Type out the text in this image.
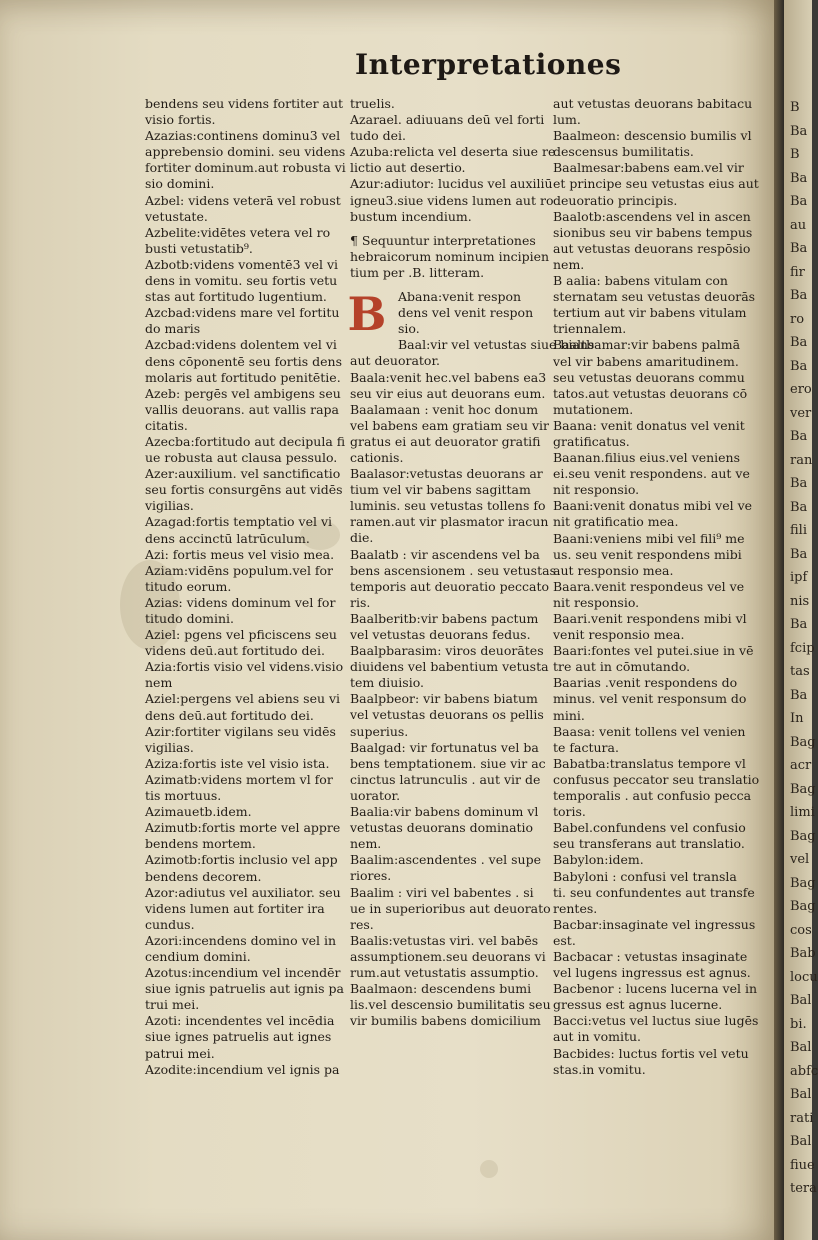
Interpretationes

bendens seu videns fortiter aut

visio fortis.

Azazias:continens dominu3 vel

apprebensio domini. seu videns

fortiter dominum.aut robusta vi

sio domini.

Azbel: videns veterā vel robust

vetustate.

Azbelite:vidētes vetera vel ro

busti vetustatib⁹.

Azbotb:videns vomentē3 vel vi

dens in vomitu. seu fortis vetu

stas aut fortitudo lugentium.

Azcbad:videns mare vel fortitu

do maris

Azcbad:videns dolentem vel vi

dens cōponentē seu fortis dens

molaris aut fortitudo penitētie.

Azeb: pergēs vel ambigens seu

vallis deuorans. aut vallis rapa

citatis.

Azecba:fortitudo aut decipula fi

ue robusta aut clausa pessulo.

Azer:auxilium. vel sanctificatio

seu fortis consurgēns aut vidēs

vigilias.

Azagad:fortis temptatio vel vi

dens accinctū latrūculum.

Azi: fortis meus vel visio mea.

Aziam:vidēns populum.vel for

titudo eorum.

Azias: videns dominum vel for

titudo domini.

Aziel: pgens vel pficiscens seu

videns deū.aut fortitudo dei.

Azia:fortis visio vel videns.visio

nem

Aziel:pergens vel abiens seu vi

dens deū.aut fortitudo dei.

Azir:fortiter vigilans seu vidēs

vigilias.

Aziza:fortis iste vel visio ista.

Azimatb:videns mortem vl for

tis mortuus.

Azimauetb.idem.

Azimutb:fortis morte vel appre

bendens mortem.

Azimotb:fortis inclusio vel app

bendens decorem.

Azor:adiutus vel auxiliator. seu

videns lumen aut fortiter ira

cundus.

Azori:incendens domino vel in

cendium domini.

Azotus:incendium vel incendēr

siue ignis patruelis aut ignis pa

trui mei.

Azoti: incendentes vel incēdia

siue ignes patruelis aut ignes

patrui mei.

Azodite:incendium vel ignis pa

truelis.

Azarael. adiuuans deū vel forti

tudo dei.

Azuba:relicta vel deserta siue re

lictio aut desertio.

Azur:adiutor: lucidus vel auxiliū

igneu3.siue videns lumen aut ro

bustum incendium.

¶ Sequuntur interpretationes

hebraicorum nominum incipien

tium per .B. litteram.

B Abana:venit respon

dens vel venit respon

sio.

Baal:vir vel vetustas siue bians

aut deuorator.

Baala:venit hec.vel babens ea3

seu vir eius aut deuorans eum.

Baalamaan : venit hoc donum

vel babens eam gratiam seu vir

gratus ei aut deuorator gratifi

cationis.

Baalasor:vetustas deuorans ar

tium vel vir babens sagittam

luminis. seu vetustas tollens fo

ramen.aut vir plasmator iracun

die.

Baalatb : vir ascendens vel ba

bens ascensionem . seu vetustas

temporis aut deuoratio peccato

ris.

Baalberitb:vir babens pactum

vel vetustas deuorans fedus.

Baalpbarasim: viros deuorātes

diuidens vel babentium vetusta

tem diuisio.

Baalpbeor: vir babens biatum

vel vetustas deuorans os pellis

superius.

Baalgad: vir fortunatus vel ba

bens temptationem. siue vir ac

cinctus latrunculis . aut vir de

uorator.

Baalia:vir babens dominum vl

vetustas deuorans dominatio

nem.

Baalim:ascendentes . vel supe

riores.

Baalim : viri vel babentes . si

ue in superioribus aut deuorato

res.

Baalis:vetustas viri. vel babēs

assumptionem.seu deuorans vi

rum.aut vetustatis assumptio.

Baalmaon: descendens bumi

lis.vel descensio bumilitatis seu

vir bumilis babens domicilium

aut vetustas deuorans babitacu

lum.

Baalmeon: descensio bumilis vl

descensus bumilitatis.

Baalmesar:babens eam.vel vir

et principe seu vetustas eius aut

deuoratio principis.

Baalotb:ascendens vel in ascen

sionibus seu vir babens tempus

aut vetustas deuorans respōsio

nem.

B aalia: babens vitulam con

sternatam seu vetustas deuorās

tertium aut vir babens vitulam

triennalem.

Baaltbamar:vir babens palmā

vel vir babens amaritudinem.

seu vetustas deuorans commu

tatos.aut vetustas deuorans cō

mutationem.

Baana: venit donatus vel venit

gratificatus.

Baanan.filius eius.vel veniens

ei.seu venit respondens. aut ve

nit responsio.

Baani:venit donatus mibi vel ve

nit gratificatio mea.

Baani:veniens mibi vel fili⁹ me

us. seu venit respondens mibi

aut responsio mea.

Baara.venit respondeus vel ve

nit responsio.

Baari.venit respondens mibi vl

venit responsio mea.

Baari:fontes vel putei.siue in vē

tre aut in cōmutando.

Baarias .venit respondens do

minus. vel venit responsum do

mini.

Baasa: venit tollens vel venien

te factura.

Babatba:translatus tempore vl

confusus peccator seu translatio

temporalis . aut confusio pecca

toris.

Babel.confundens vel confusio

seu transferans aut translatio.

Babylon:idem.

Babyloni : confusi vel transla

ti. seu confundentes aut transfe

rentes.

Bacbar:insaginate vel ingressus

est.

Bacbacar : vetustas insaginate

vel lugens ingressus est agnus.

Bacbenor : lucens lucerna vel in

gressus est agnus lucerne.

Bacci:vetus vel luctus siue lugēs

aut in vomitu.

Bacbides: luctus fortis vel vetu

stas.in vomitu.

B
Ba
B
Ba
Ba
au
Ba
fir
Ba
ro
Ba
Ba
ero
ver
Ba
ran
Ba
Ba
fili
Ba
ipf
nis
Ba
fcip
tas
Ba
In
Bag
acr
Bag
limi
Bag
vel
Bag
Bag
cos
Bab
locu
Bal
bi.
Bal
abfc
Bal
rati
Bal
fiue
tera
